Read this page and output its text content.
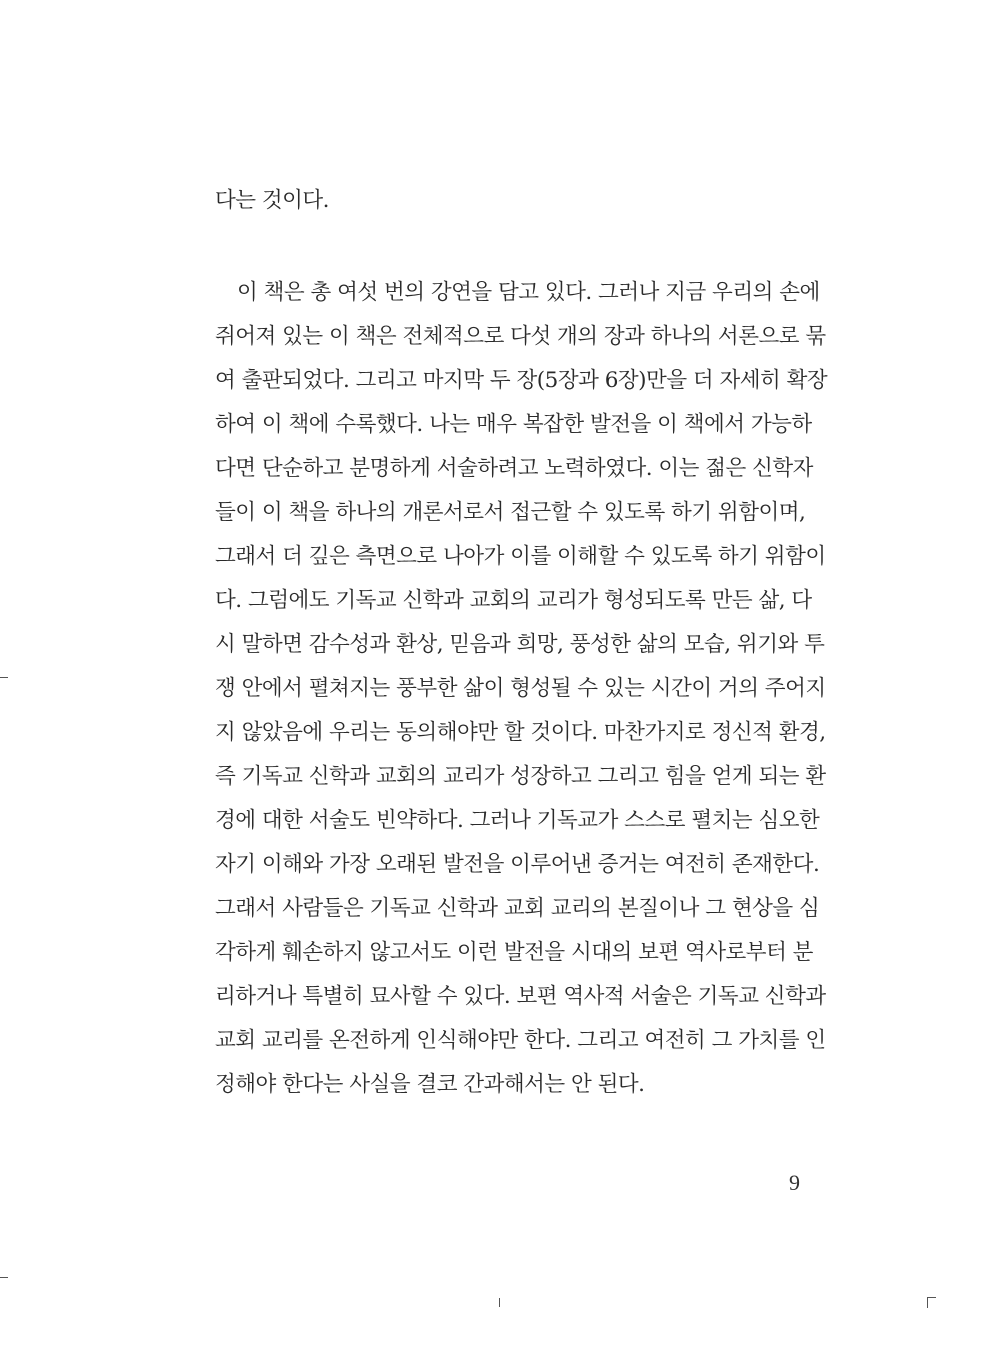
다는 것이다.
이 책은 총 여섯 번의 강연을 담고 있다. 그러나 지금 우리의 손에
쥐어져 있는 이 책은 전체적으로 다섯 개의 장과 하나의 서론으로 묶
여 출판되었다. 그리고 마지막 두 장(5장과 6장)만을 더 자세히 확장
하여 이 책에 수록했다. 나는 매우 복잡한 발전을 이 책에서 가능하
다면 단순하고 분명하게 서술하려고 노력하였다. 이는 젊은 신학자
들이 이 책을 하나의 개론서로서 접근할 수 있도록 하기 위함이며,
그래서 더 깊은 측면으로 나아가 이를 이해할 수 있도록 하기 위함이
다. 그럼에도 기독교 신학과 교회의 교리가 형성되도록 만든 삶, 다
시 말하면 감수성과 환상, 믿음과 희망, 풍성한 삶의 모습, 위기와 투
쟁 안에서 펼쳐지는 풍부한 삶이 형성될 수 있는 시간이 거의 주어지
지 않았음에 우리는 동의해야만 할 것이다. 마찬가지로 정신적 환경,
즉 기독교 신학과 교회의 교리가 성장하고 그리고 힘을 얻게 되는 환
경에 대한 서술도 빈약하다. 그러나 기독교가 스스로 펼치는 심오한
자기 이해와 가장 오래된 발전을 이루어낸 증거는 여전히 존재한다.
그래서 사람들은 기독교 신학과 교회 교리의 본질이나 그 현상을 심
각하게 훼손하지 않고서도 이런 발전을 시대의 보편 역사로부터 분
리하거나 특별히 묘사할 수 있다. 보편 역사적 서술은 기독교 신학과
교회 교리를 온전하게 인식해야만 한다. 그리고 여전히 그 가치를 인
정해야 한다는 사실을 결코 간과해서는 안 된다.
9
